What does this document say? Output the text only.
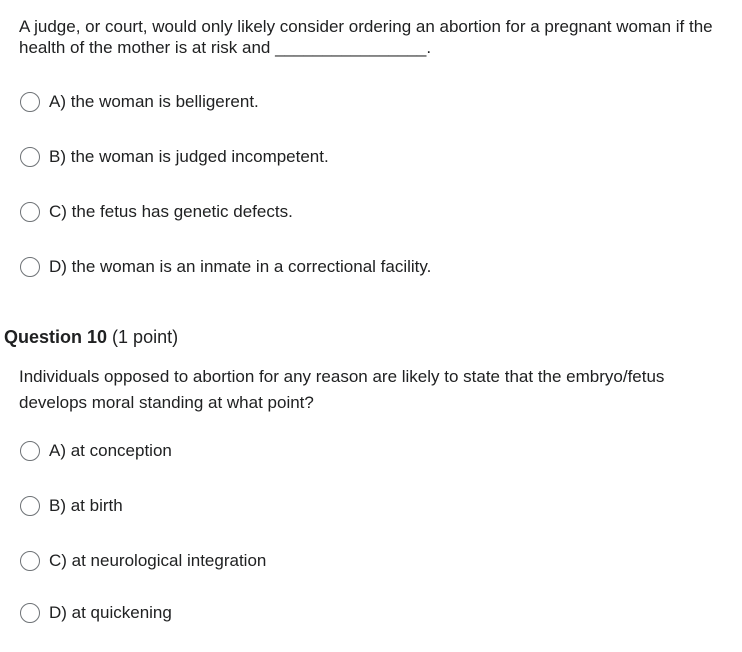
A judge, or court, would only likely consider ordering an abortion for a pregnant woman if the health of the mother is at risk and ________________.
A) the woman is belligerent.
B) the woman is judged incompetent.
C) the fetus has genetic defects.
D) the woman is an inmate in a correctional facility.
Question 10 (1 point)
Individuals opposed to abortion for any reason are likely to state that the embryo/fetus develops moral standing at what point?
A) at conception
B) at birth
C) at neurological integration
D) at quickening
